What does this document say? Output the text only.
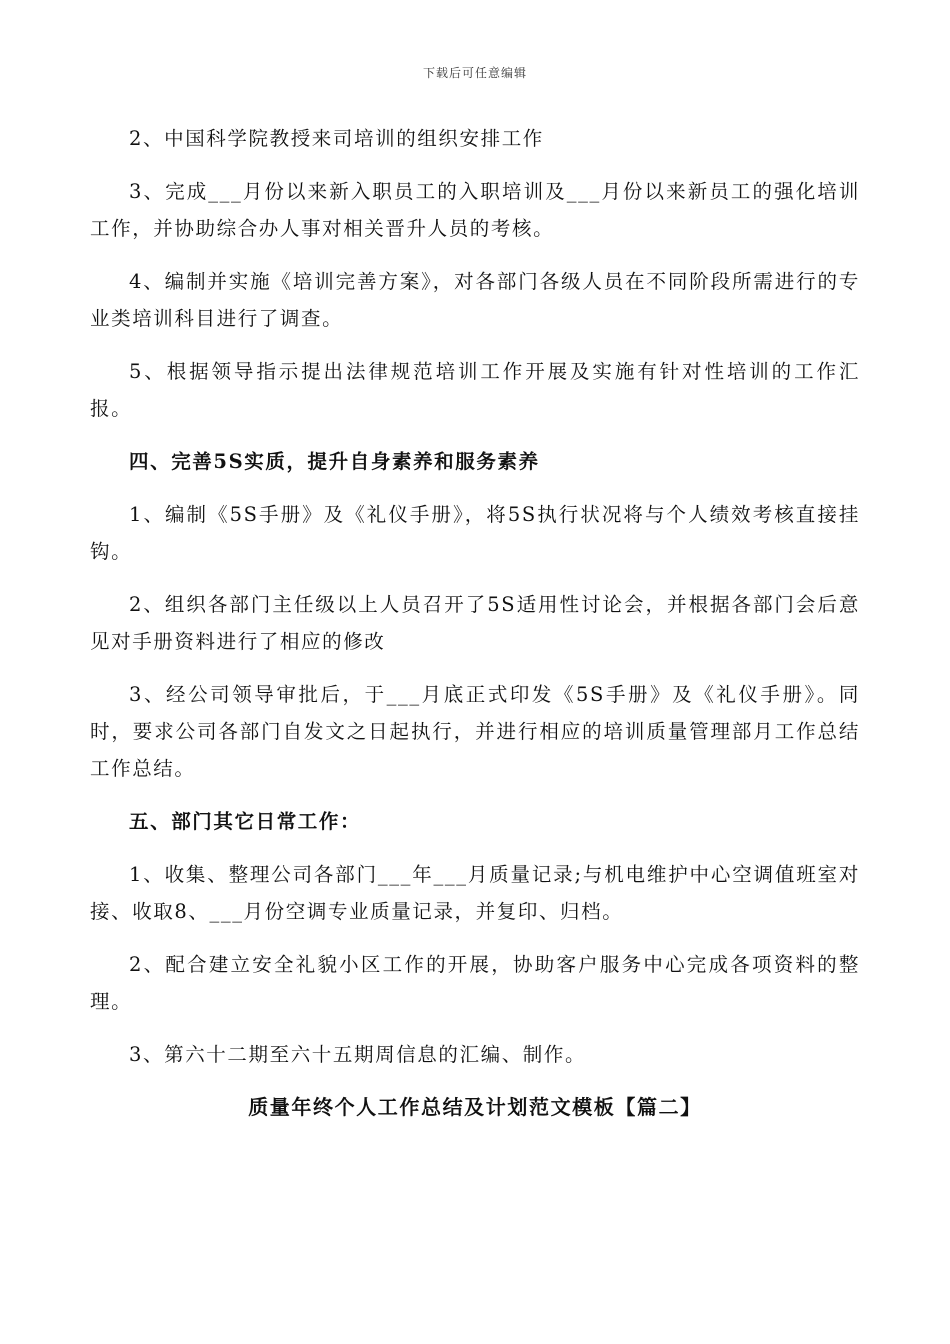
下载后可任意编辑

2、中国科学院教授来司培训的组织安排工作

3、完成___月份以来新入职员工的入职培训及___月份以来新员工的强化培训工作，并协助综合办人事对相关晋升人员的考核。

4、编制并实施《培训完善方案》，对各部门各级人员在不同阶段所需进行的专业类培训科目进行了调查。

5、根据领导指示提出法律规范培训工作开展及实施有针对性培训的工作汇报。

四、完善5S实质，提升自身素养和服务素养

1、编制《5S手册》及《礼仪手册》，将5S执行状况将与个人绩效考核直接挂钩。

2、组织各部门主任级以上人员召开了5S适用性讨论会，并根据各部门会后意见对手册资料进行了相应的修改

3、经公司领导审批后，于___月底正式印发《5S手册》及《礼仪手册》。同时，要求公司各部门自发文之日起执行，并进行相应的培训质量管理部月工作总结工作总结。

五、部门其它日常工作：

1、收集、整理公司各部门___年___月质量记录;与机电维护中心空调值班室对接、收取8、___月份空调专业质量记录，并复印、归档。

2、配合建立安全礼貌小区工作的开展，协助客户服务中心完成各项资料的整理。

3、第六十二期至六十五期周信息的汇编、制作。

质量年终个人工作总结及计划范文模板【篇二】
